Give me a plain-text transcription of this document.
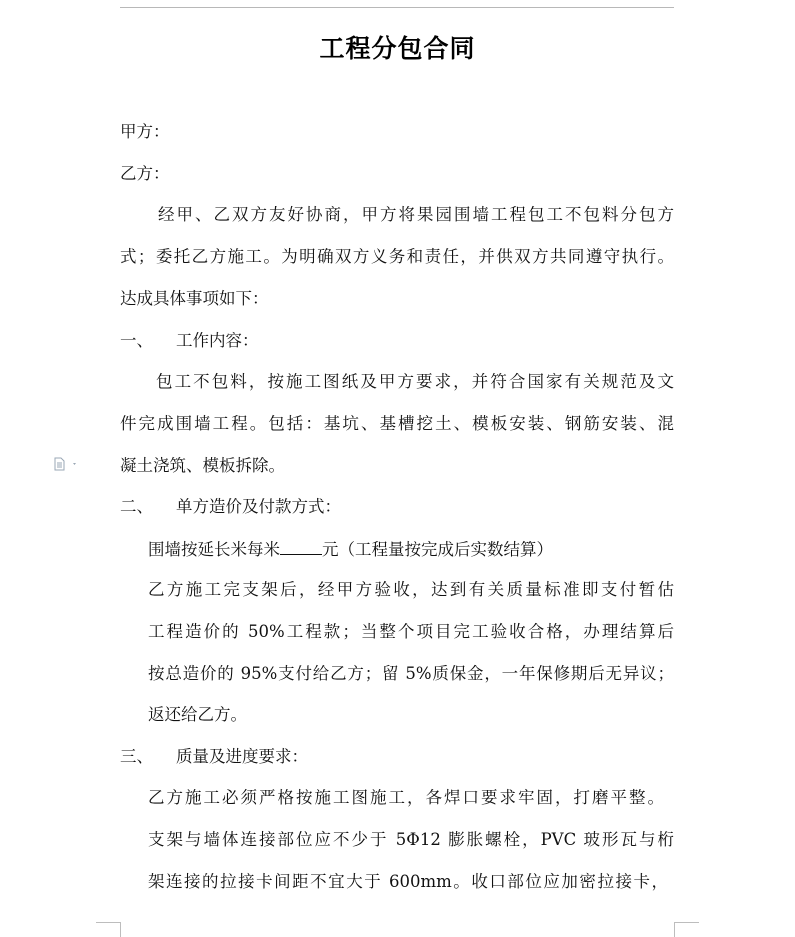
工程分包合同
甲方：
乙方：
经甲、乙双方友好协商，甲方将果园围墙工程包工不包料分包方
式；委托乙方施工。为明确双方义务和责任，并供双方共同遵守执行。
达成具体事项如下：
一、 工作内容：
包工不包料，按施工图纸及甲方要求，并符合国家有关规范及文
件完成围墙工程。包括：基坑、基槽挖土、模板安装、钢筋安装、混
凝土浇筑、模板拆除。
二、 单方造价及付款方式：
围墙按延长米每米	元（工程量按完成后实数结算）
乙方施工完支架后，经甲方验收，达到有关质量标准即支付暂估
工程造价的 50%工程款；当整个项目完工验收合格，办理结算后
按总造价的 95%支付给乙方；留 5%质保金，一年保修期后无异议；
返还给乙方。
三、 质量及进度要求：
乙方施工必须严格按施工图施工，各焊口要求牢固，打磨平整。
支架与墙体连接部位应不少于 5Φ12 膨胀螺栓，PVC 玻形瓦与桁
架连接的拉接卡间距不宜大于 600mm。收口部位应加密拉接卡，
